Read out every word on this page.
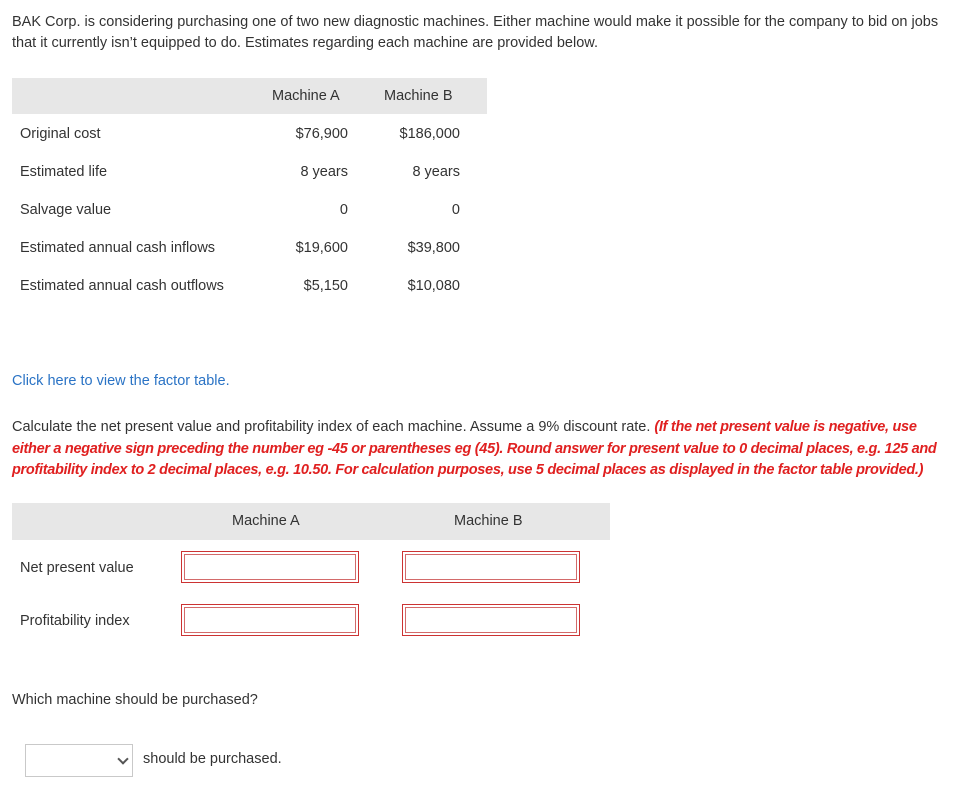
BAK Corp. is considering purchasing one of two new diagnostic machines. Either machine would make it possible for the company to bid on jobs that it currently isn’t equipped to do. Estimates regarding each machine are provided below.

Machine A	Machine B
Original cost	$76,900	$186,000
Estimated life	8 years	8 years
Salvage value	0	0
Estimated annual cash inflows	$19,600	$39,800
Estimated annual cash outflows	$5,150	$10,080
Click here to view the factor table.

Calculate the net present value and profitability index of each machine. Assume a 9% discount rate. (If the net present value is negative, use either a negative sign preceding the number eg -45 or parentheses eg (45). Round answer for present value to 0 decimal places, e.g. 125 and profitability index to 2 decimal places, e.g. 10.50. For calculation purposes, use 5 decimal places as displayed in the factor table provided.)

Machine A	Machine B
Net present value
Profitability index
Which machine should be purchased?
should be purchased.
